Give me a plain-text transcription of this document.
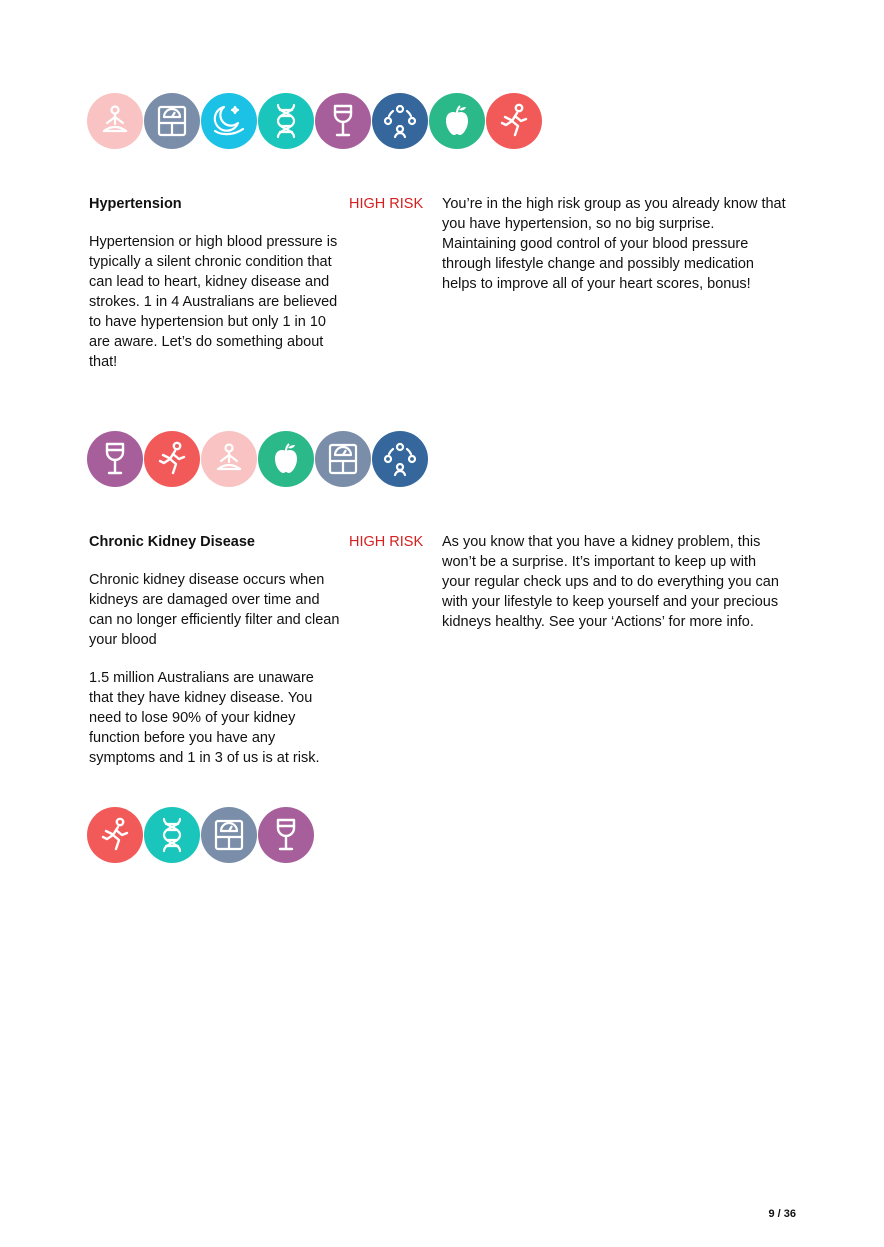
Hypertension	HIGH RISK

Hypertension or high blood pressure is typically a silent chronic condition that can lead to heart, kidney disease and strokes. 1 in 4 Australians are believed to have hypertension but only 1 in 10 are aware. Let’s do something about that!

You’re in the high risk group as you already know that you have hypertension, so no big surprise. Maintaining good control of your blood pressure through lifestyle change and possibly medication helps to improve all of your heart scores, bonus!

Chronic Kidney Disease	HIGH RISK

Chronic kidney disease occurs when kidneys are damaged over time and can no longer efficiently filter and clean your blood

1.5 million Australians are unaware that they have kidney disease. You need to lose 90% of your kidney function before you have any symptoms and 1 in 3 of us is at risk.

As you know that you have a kidney problem, this won’t be a surprise. It’s important to keep up with your regular check ups and to do everything you can with your lifestyle to keep yourself and your precious kidneys healthy. See your ‘Actions’ for more info.

9 / 36
